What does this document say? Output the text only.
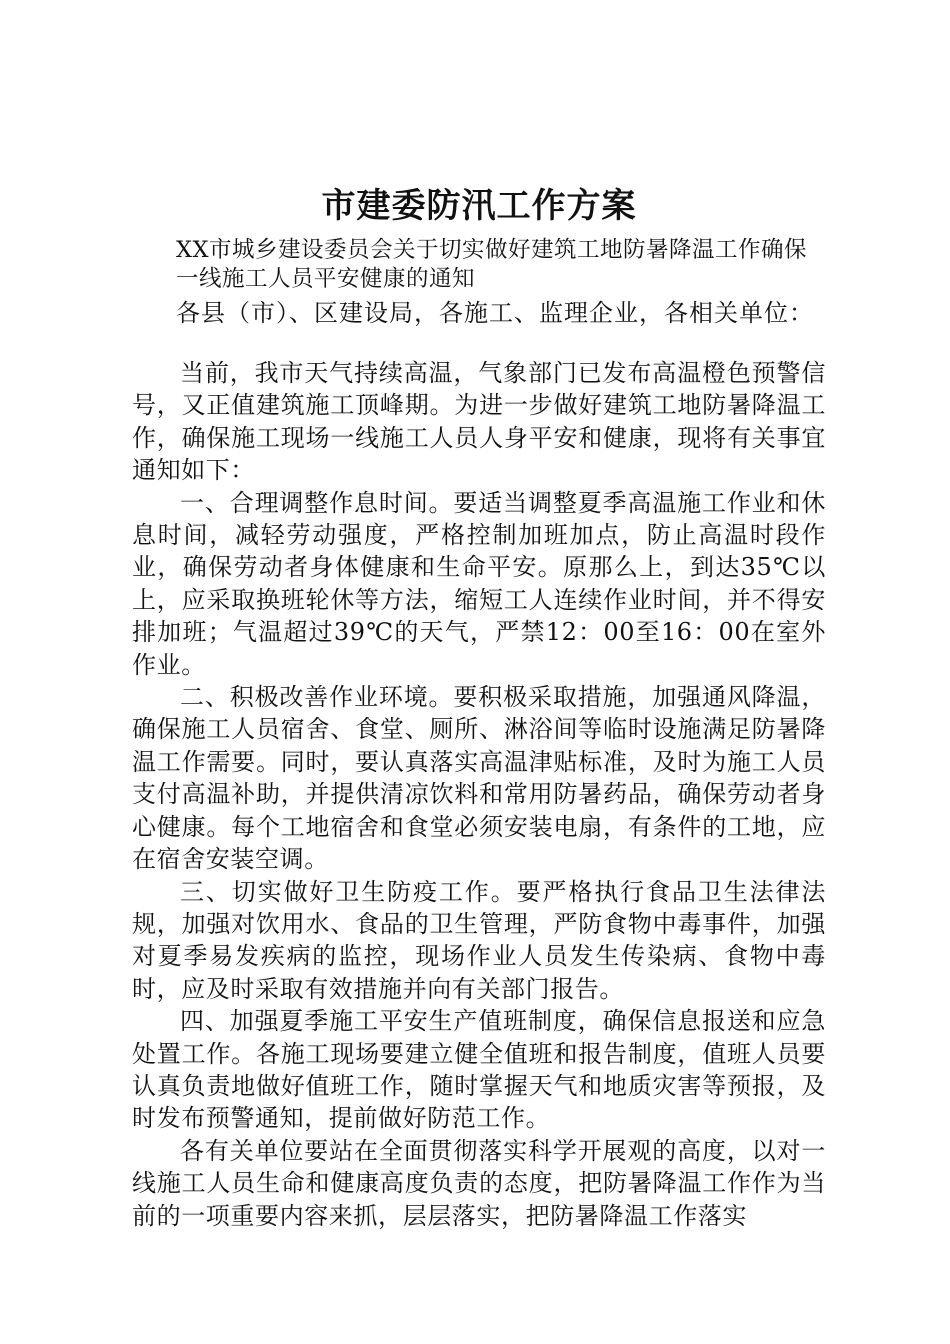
市建委防汛工作方案

XX市城乡建设委员会关于切实做好建筑工地防暑降温工作确保一线施工人员平安健康的通知

各县（市）、区建设局，各施工、监理企业，各相关单位：

当前，我市天气持续高温，气象部门已发布高温橙色预警信号，又正值建筑施工顶峰期。为进一步做好建筑工地防暑降温工作，确保施工现场一线施工人员人身平安和健康，现将有关事宜通知如下：

一、合理调整作息时间。要适当调整夏季高温施工作业和休息时间，减轻劳动强度，严格控制加班加点，防止高温时段作业，确保劳动者身体健康和生命平安。原那么上，到达35℃以上，应采取换班轮休等方法，缩短工人连续作业时间，并不得安排加班；气温超过39℃的天气，严禁12：00至16：00在室外作业。

二、积极改善作业环境。要积极采取措施，加强通风降温，确保施工人员宿舍、食堂、厕所、淋浴间等临时设施满足防暑降温工作需要。同时，要认真落实高温津贴标准，及时为施工人员支付高温补助，并提供清凉饮料和常用防暑药品，确保劳动者身心健康。每个工地宿舍和食堂必须安装电扇，有条件的工地，应在宿舍安装空调。

三、切实做好卫生防疫工作。要严格执行食品卫生法律法规，加强对饮用水、食品的卫生管理，严防食物中毒事件，加强对夏季易发疾病的监控，现场作业人员发生传染病、食物中毒时，应及时采取有效措施并向有关部门报告。

四、加强夏季施工平安生产值班制度，确保信息报送和应急处置工作。各施工现场要建立健全值班和报告制度，值班人员要认真负责地做好值班工作，随时掌握天气和地质灾害等预报，及时发布预警通知，提前做好防范工作。

各有关单位要站在全面贯彻落实科学开展观的高度，以对一线施工人员生命和健康高度负责的态度，把防暑降温工作作为当前的一项重要内容来抓，层层落实，把防暑降温工作落实
